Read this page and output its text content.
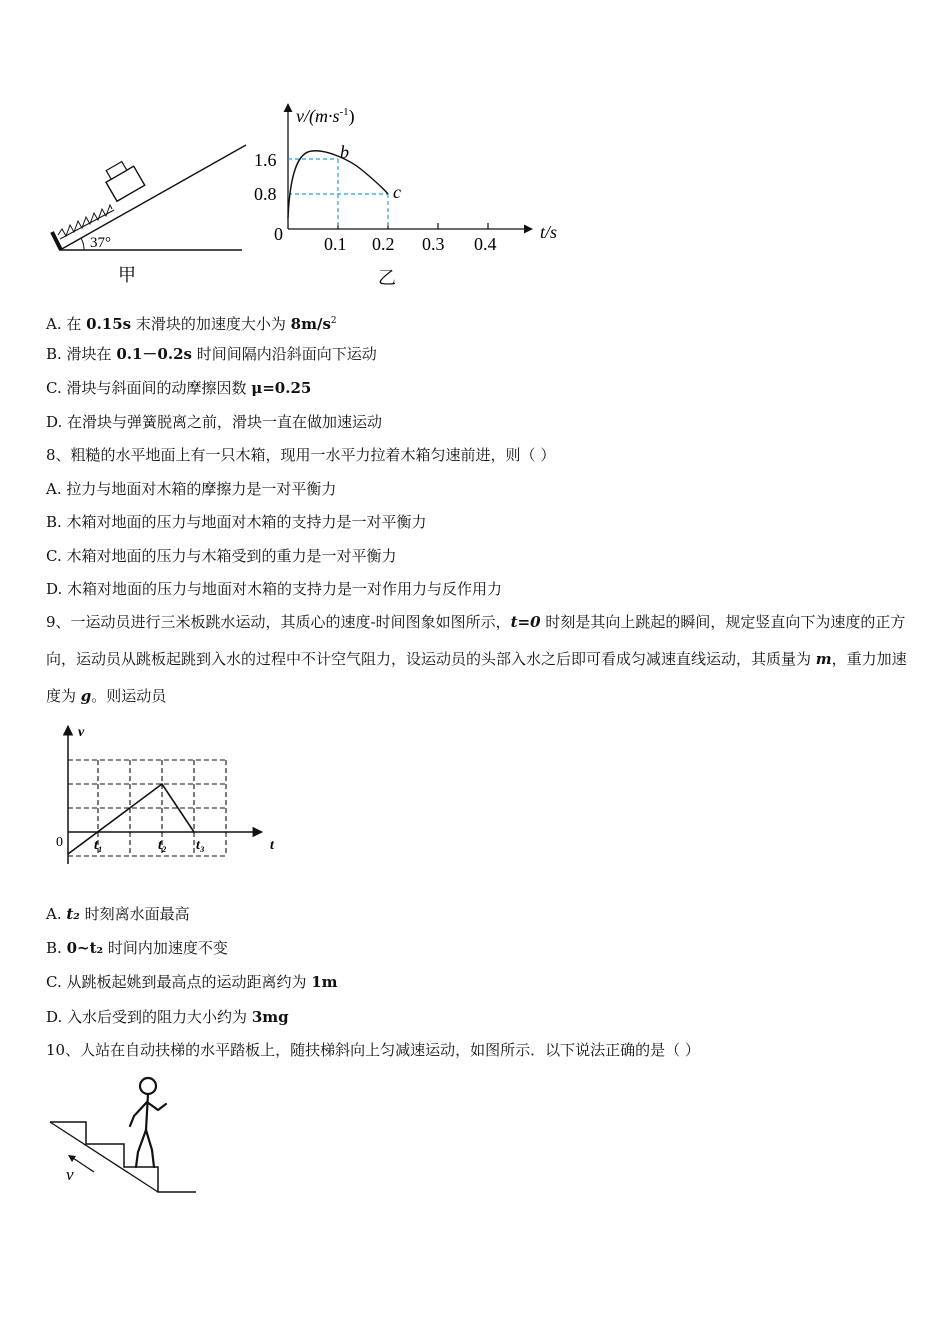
37°
甲
$v/(m\cdot s^{-1})$
t/s
0
1.6
0.8
0.1 0.2 0.3 0.4
b
c
乙
A. 在 0.15s 末滑块的加速度大小为 $8m/s^2$
B. 滑块在 0.1－0.2s 时间间隔内沿斜面向下运动
C. 滑块与斜面间的动摩擦因数 μ=0.25
D. 在滑块与弹簧脱离之前，滑块一直在做加速运动
8、粗糙的水平地面上有一只木箱，现用一水平力拉着木箱匀速前进，则（ ）
A. 拉力与地面对木箱的摩擦力是一对平衡力
B. 木箱对地面的压力与地面对木箱的支持力是一对平衡力
C. 木箱对地面的压力与木箱受到的重力是一对平衡力
D. 木箱对地面的压力与地面对木箱的支持力是一对作用力与反作用力
9、一运动员进行三米板跳水运动，其质心的速度-时间图象如图所示，t=0 时刻是其向上跳起的瞬间，规定竖直向下为速度的正方向，运动员从跳板起跳到入水的过程中不计空气阻力，设运动员的头部入水之后即可看成匀减速直线运动，其质量为 m，重力加速度为 g。则运动员
v
t
0 t₁	t₂ t₃
A. t₂ 时刻离水面最高
B. 0~t₂ 时间内加速度不变
C. 从跳板起姚到最高点的运动距离约为 1m
D. 入水后受到的阻力大小约为 3mg
10、人站在自动扶梯的水平踏板上，随扶梯斜向上匀减速运动，如图所示．以下说法正确的是（ ）
v
